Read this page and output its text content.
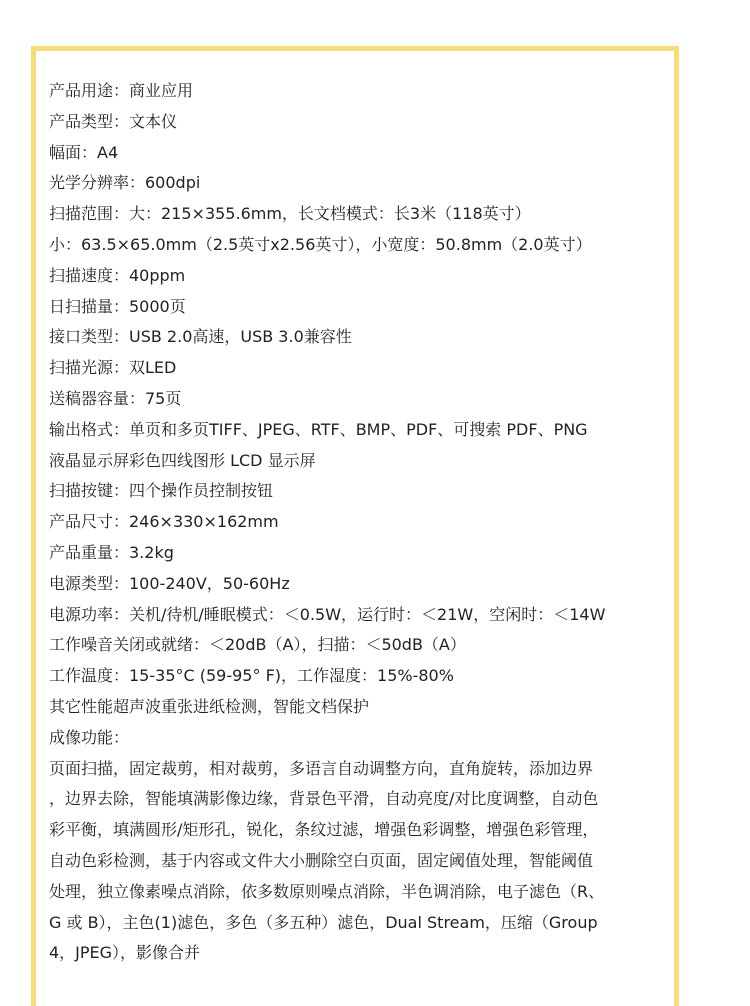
产品用途：商业应用
产品类型：文本仪
幅面：A4
光学分辨率：600dpi
扫描范围：大：215×355.6mm，长文档模式：长3米（118英寸）
小：63.5×65.0mm（2.5英寸x2.56英寸），小宽度：50.8mm（2.0英寸）
扫描速度：40ppm
日扫描量：5000页
接口类型：USB 2.0高速，USB 3.0兼容性
扫描光源：双LED
送稿器容量：75页
输出格式：单页和多页TIFF、JPEG、RTF、BMP、PDF、可搜索 PDF、PNG
液晶显示屏彩色四线图形 LCD 显示屏
扫描按键：四个操作员控制按钮
产品尺寸：246×330×162mm
产品重量：3.2kg
电源类型：100-240V，50-60Hz
电源功率：关机/待机/睡眠模式：＜0.5W，运行时：＜21W，空闲时：＜14W
工作噪音关闭或就绪：＜20dB（A），扫描：＜50dB（A）
工作温度：15-35°C (59-95° F)，工作湿度：15%-80%
其它性能超声波重张进纸检测，智能文档保护
成像功能：
页面扫描，固定裁剪，相对裁剪，多语言自动调整方向，直角旋转，添加边界
，边界去除，智能填满影像边缘，背景色平滑，自动亮度/对比度调整，自动色
彩平衡，填满圆形/矩形孔，锐化，条纹过滤，增强色彩调整，增强色彩管理，
自动色彩检测，基于内容或文件大小删除空白页面，固定阈值处理，智能阈值
处理，独立像素噪点消除，依多数原则噪点消除，半色调消除，电子滤色（R、
G 或 B），主色(1)滤色，多色（多五种）滤色，Dual Stream，压缩（Group
4，JPEG），影像合并
